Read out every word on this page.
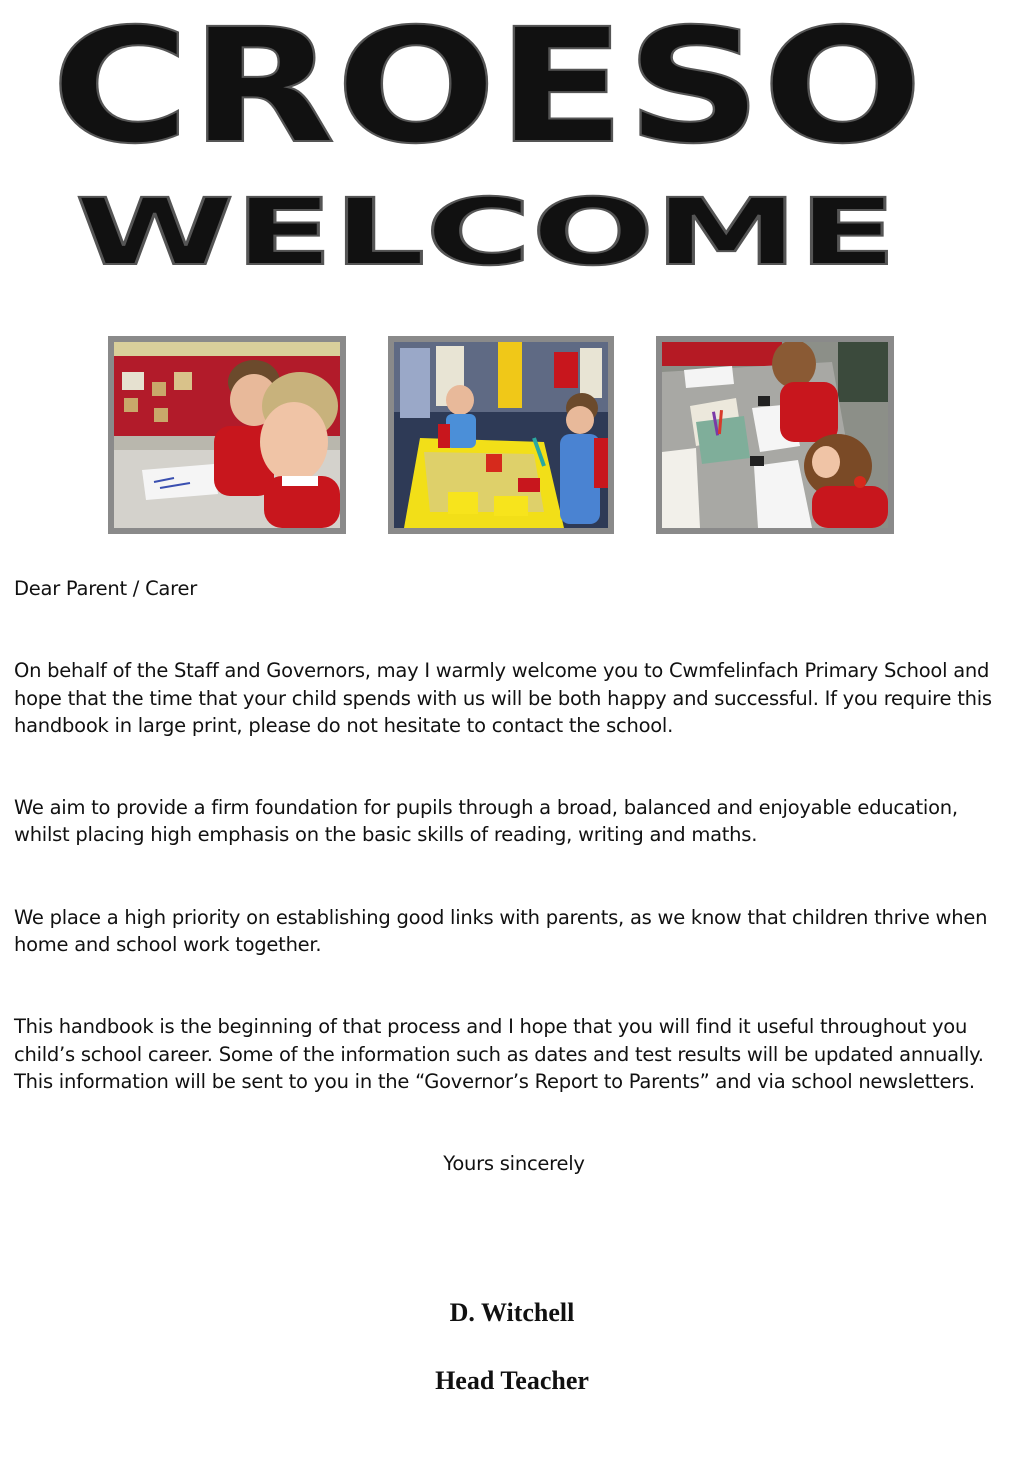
CROESO
WELCOME

Dear Parent / Carer

On behalf of the Staff and Governors, may I warmly welcome you to Cwmfelinfach Primary School and hope that the time that your child spends with us will be both happy and successful. If you require this handbook in large print, please do not hesitate to contact the school.

We aim to provide a firm foundation for pupils through a broad, balanced and enjoyable education, whilst placing high emphasis on the basic skills of reading, writing and maths.

We place a high priority on establishing good links with parents, as we know that children thrive when home and school work together.

This handbook is the beginning of that process and I hope that you will find it useful throughout you child’s school career. Some of the information such as dates and test results will be updated annually. This information will be sent to you in the “Governor’s Report to Parents” and via school newsletters.

Yours sincerely

D. Witchell
Head Teacher
